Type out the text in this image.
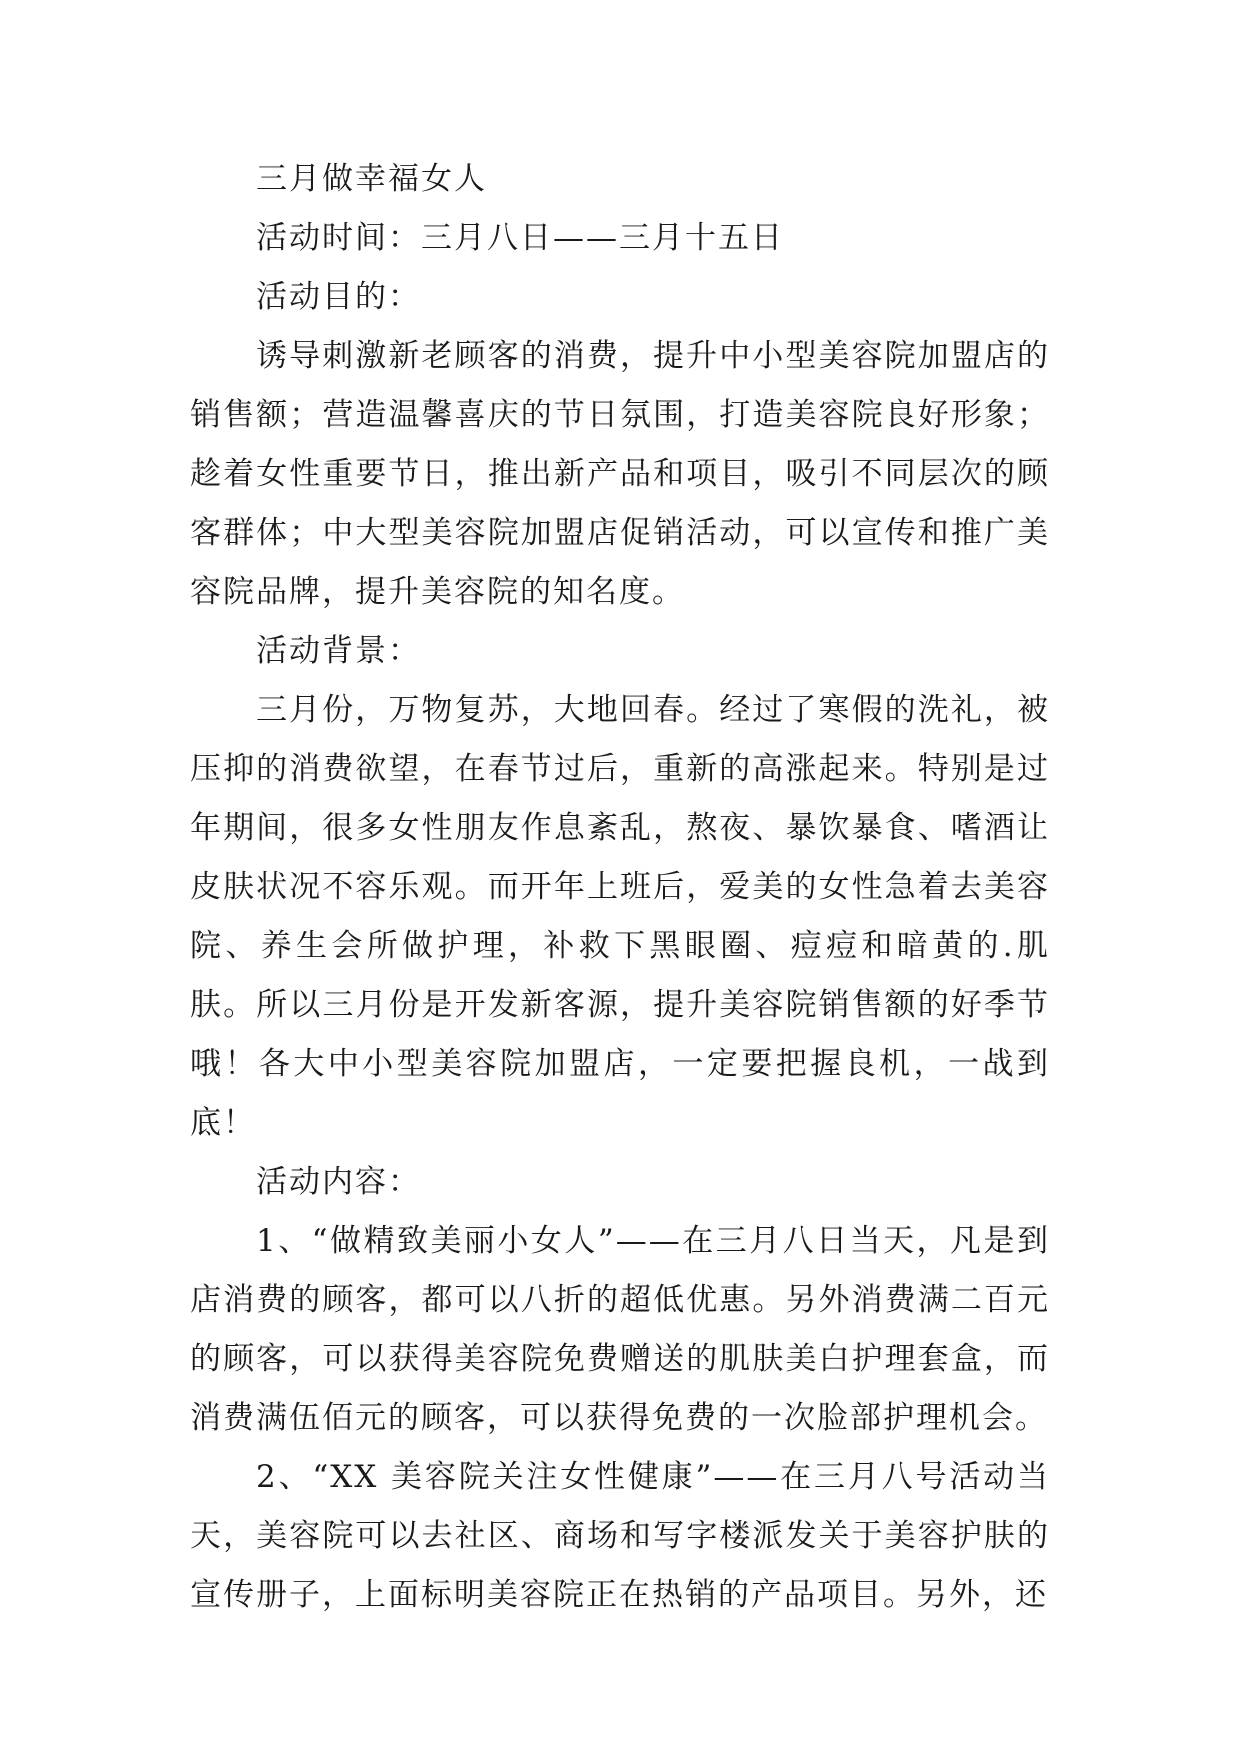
三月做幸福女人

活动时间：三月八日——三月十五日

活动目的：

诱导刺激新老顾客的消费，提升中小型美容院加盟店的销售额；营造温馨喜庆的节日氛围，打造美容院良好形象；趁着女性重要节日，推出新产品和项目，吸引不同层次的顾客群体；中大型美容院加盟店促销活动，可以宣传和推广美容院品牌，提升美容院的知名度。

活动背景：

三月份，万物复苏，大地回春。经过了寒假的洗礼，被压抑的消费欲望，在春节过后，重新的高涨起来。特别是过年期间，很多女性朋友作息紊乱，熬夜、暴饮暴食、嗜酒让皮肤状况不容乐观。而开年上班后，爱美的女性急着去美容院、养生会所做护理，补救下黑眼圈、痘痘和暗黄的.肌肤。所以三月份是开发新客源，提升美容院销售额的好季节哦！各大中小型美容院加盟店，一定要把握良机，一战到底！

活动内容：

1、“做精致美丽小女人”——在三月八日当天，凡是到店消费的顾客，都可以八折的超低优惠。另外消费满二百元的顾客，可以获得美容院免费赠送的肌肤美白护理套盒，而消费满伍佰元的顾客，可以获得免费的一次脸部护理机会。

2、“XX 美容院关注女性健康”——在三月八号活动当天，美容院可以去社区、商场和写字楼派发关于美容护肤的宣传册子，上面标明美容院正在热销的产品项目。另外，还
